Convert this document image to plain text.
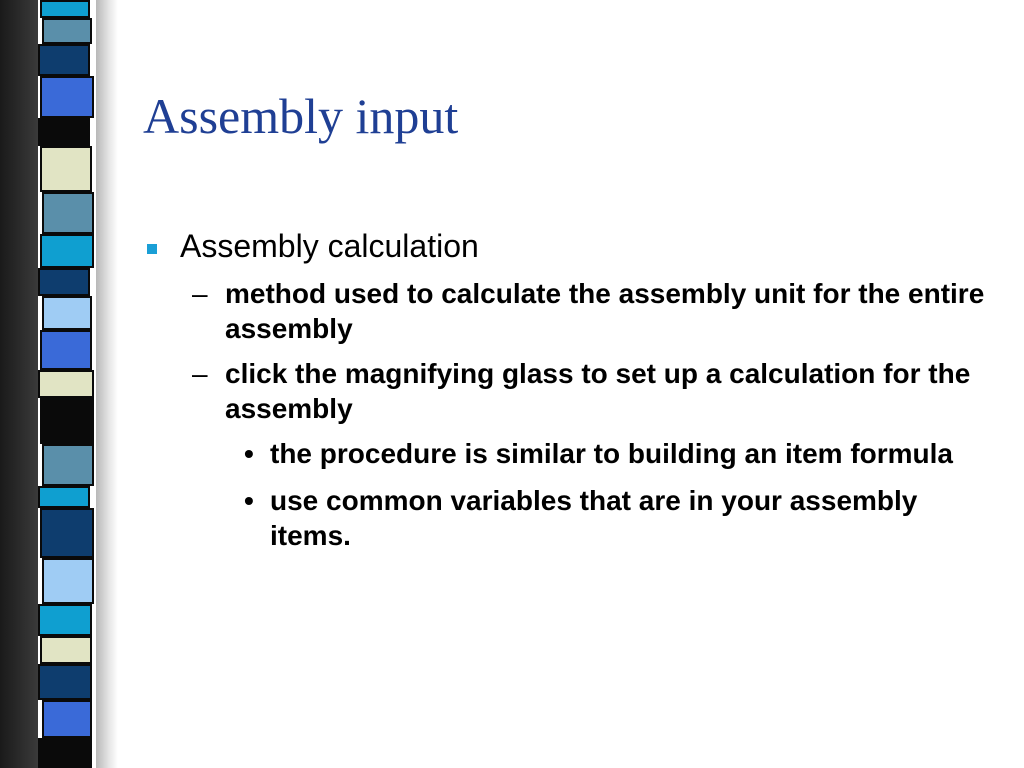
Assembly input
Assembly calculation
– method used to calculate the assembly unit for the entire assembly
– click the magnifying glass to set up a calculation for the assembly
• the procedure is similar to building an item formula
• use common variables that are in your assembly items.
